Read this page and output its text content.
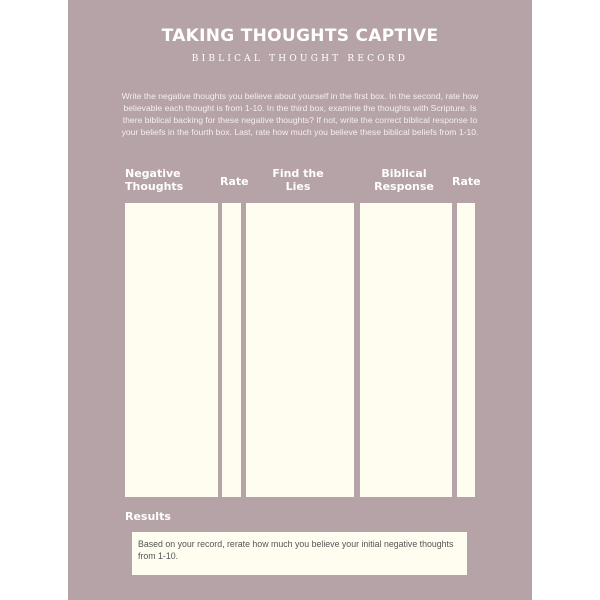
TAKING THOUGHTS CAPTIVE
BIBLICAL THOUGHT RECORD
Write the negative thoughts you believe about yourself in the first box. In the second, rate how believable each thought is from 1-10. In the third box, examine the thoughts with Scripture. Is there biblical backing for these negative thoughts? If not, write the correct biblical response to your beliefs in the fourth box. Last, rate how much you believe these biblical beliefs from 1-10.
Negative
Thoughts	Rate
Find the
Lies
Biblical
Response Rate
Results
Based on your record, rerate how much you believe your initial negative thoughts from 1-10.
